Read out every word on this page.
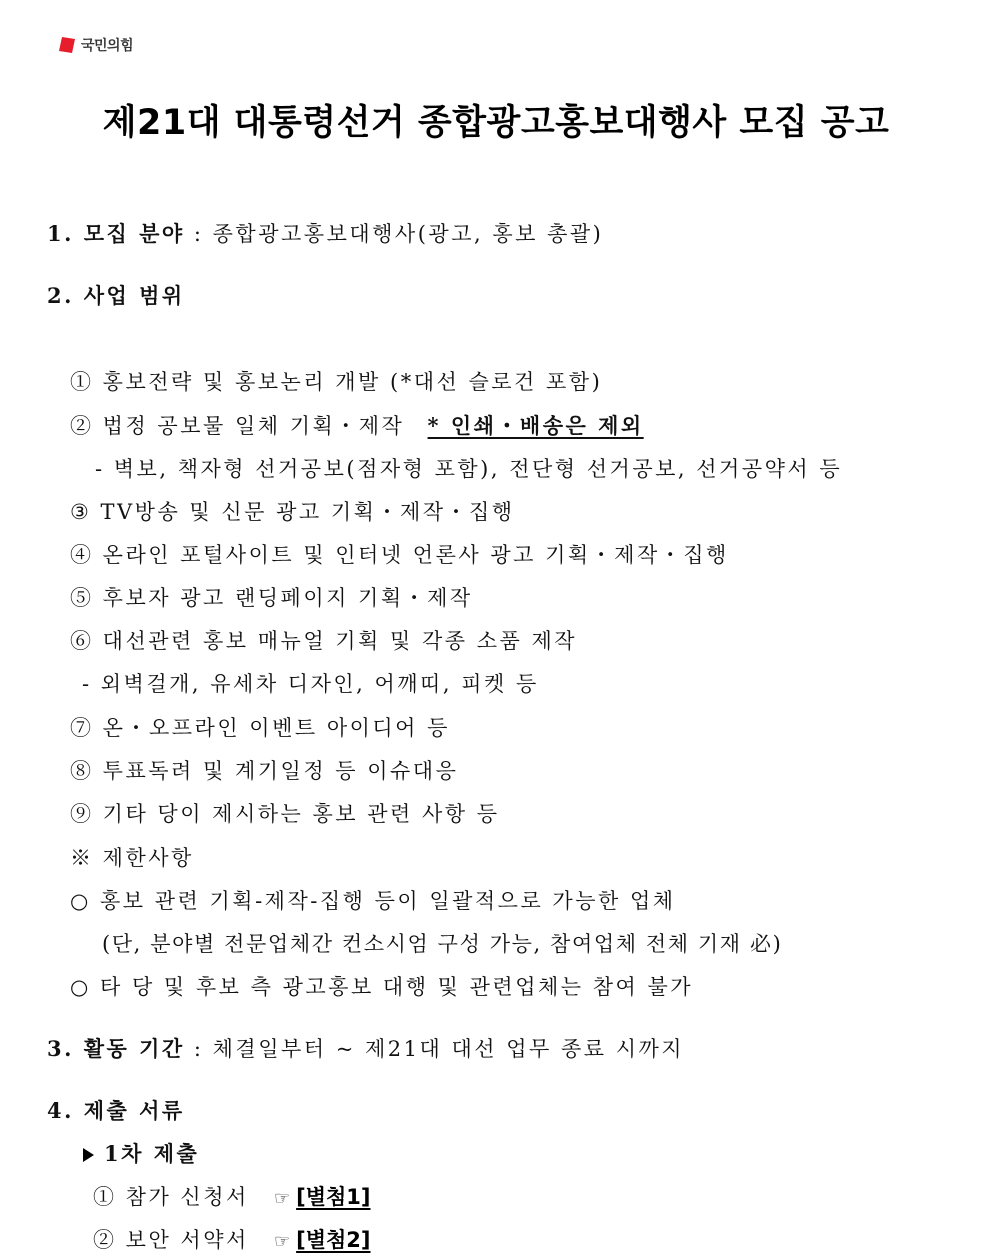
국민의힘
제21대 대통령선거 종합광고홍보대행사 모집 공고
1. 모집 분야 : 종합광고홍보대행사(광고, 홍보 총괄)
2. 사업 범위
① 홍보전략 및 홍보논리 개발 (*대선 슬로건 포함)
② 법정 공보물 일체 기획・제작 * 인쇄・배송은 제외
- 벽보, 책자형 선거공보(점자형 포함), 전단형 선거공보, 선거공약서 등
③ TV방송 및 신문 광고 기획・제작・집행
④ 온라인 포털사이트 및 인터넷 언론사 광고 기획・제작・집행
⑤ 후보자 광고 랜딩페이지 기획・제작
⑥ 대선관련 홍보 매뉴얼 기획 및 각종 소품 제작
- 외벽걸개, 유세차 디자인, 어깨띠, 피켓 등
⑦ 온・오프라인 이벤트 아이디어 등
⑧ 투표독려 및 계기일정 등 이슈대응
⑨ 기타 당이 제시하는 홍보 관련 사항 등
※ 제한사항
○ 홍보 관련 기획-제작-집행 등이 일괄적으로 가능한 업체
(단, 분야별 전문업체간 컨소시엄 구성 가능, 참여업체 전체 기재 必)
○ 타 당 및 후보 측 광고홍보 대행 및 관련업체는 참여 불가
3. 활동 기간 : 체결일부터 ~ 제21대 대선 업무 종료 시까지
4. 제출 서류
1차 제출
① 참가 신청서 ☞ [별첨1]
② 보안 서약서 ☞ [별첨2]
